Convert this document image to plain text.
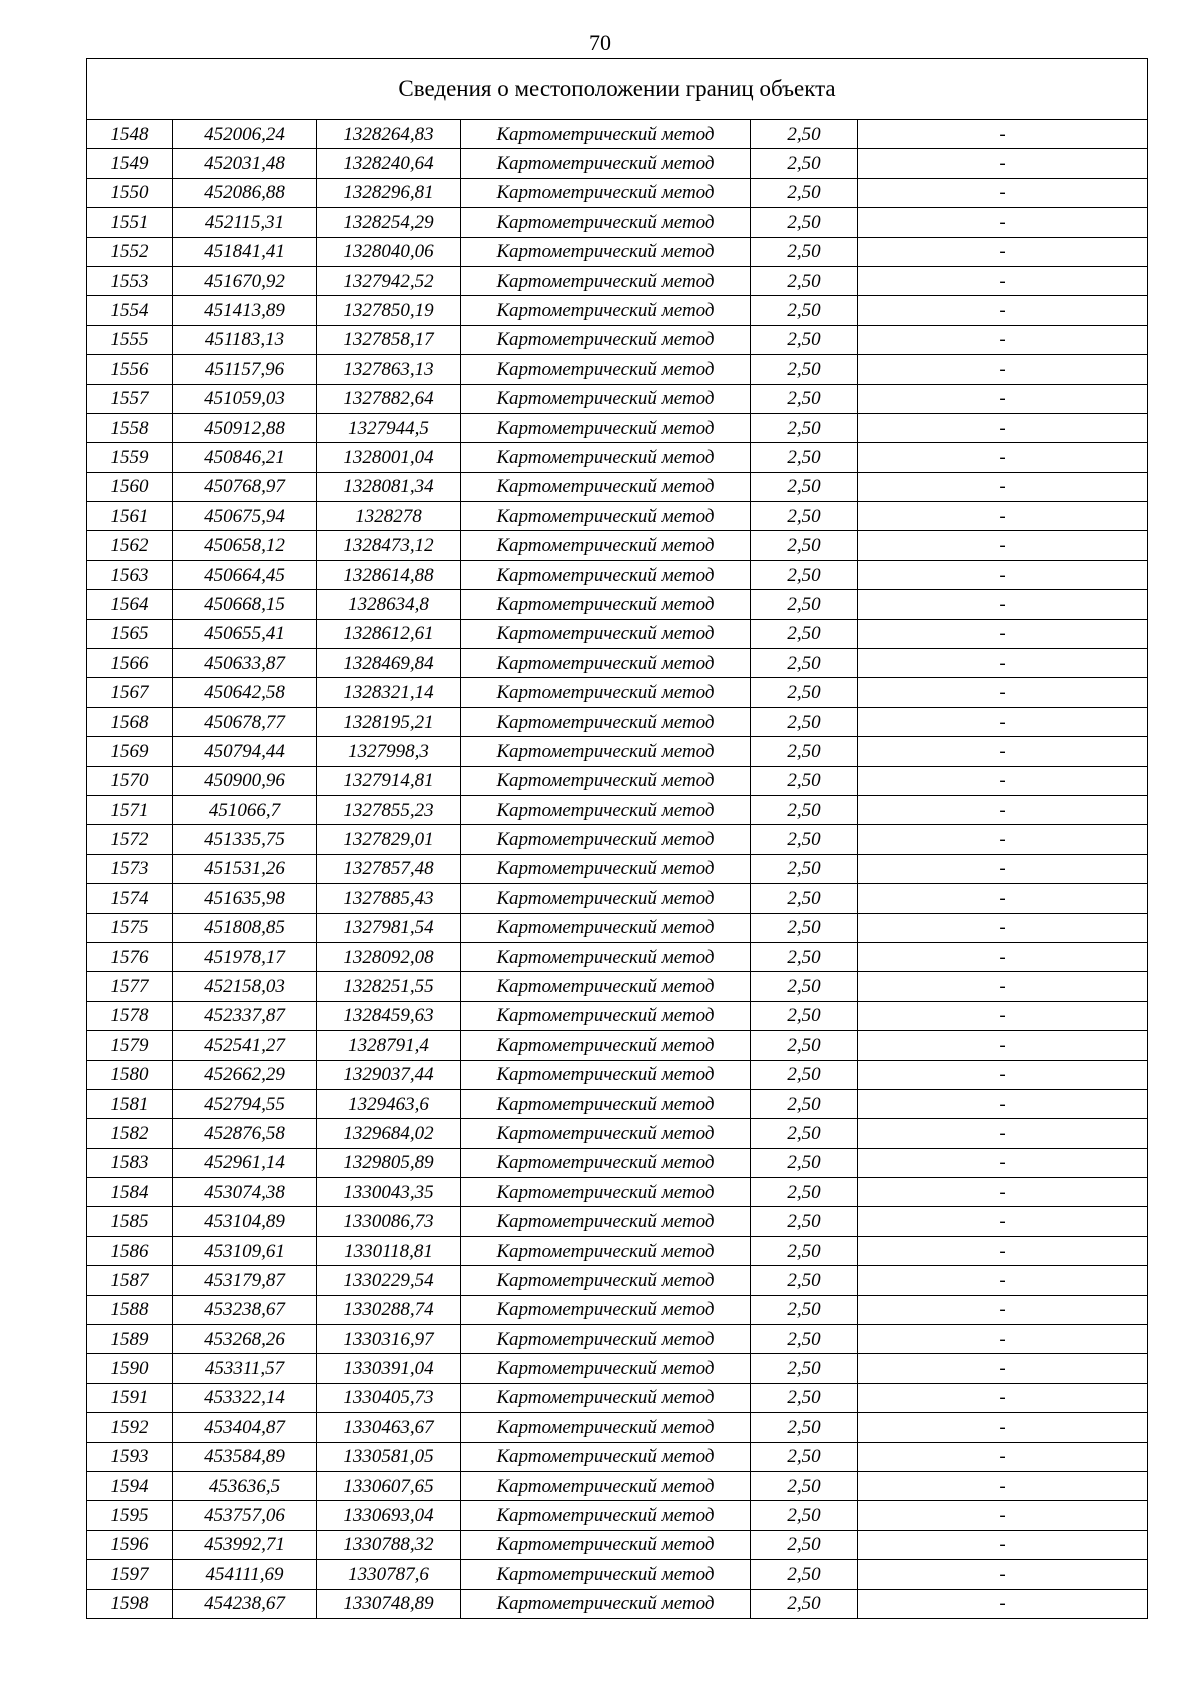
70
Сведения о местоположении границ объекта					
1548	452006,24	1328264,83	Картометрический метод	2,50	-
1549	452031,48	1328240,64	Картометрический метод	2,50	-
1550	452086,88	1328296,81	Картометрический метод	2,50	-
1551	452115,31	1328254,29	Картометрический метод	2,50	-
1552	451841,41	1328040,06	Картометрический метод	2,50	-
1553	451670,92	1327942,52	Картометрический метод	2,50	-
1554	451413,89	1327850,19	Картометрический метод	2,50	-
1555	451183,13	1327858,17	Картометрический метод	2,50	-
1556	451157,96	1327863,13	Картометрический метод	2,50	-
1557	451059,03	1327882,64	Картометрический метод	2,50	-
1558	450912,88	1327944,5	Картометрический метод	2,50	-
1559	450846,21	1328001,04	Картометрический метод	2,50	-
1560	450768,97	1328081,34	Картометрический метод	2,50	-
1561	450675,94	1328278	Картометрический метод	2,50	-
1562	450658,12	1328473,12	Картометрический метод	2,50	-
1563	450664,45	1328614,88	Картометрический метод	2,50	-
1564	450668,15	1328634,8	Картометрический метод	2,50	-
1565	450655,41	1328612,61	Картометрический метод	2,50	-
1566	450633,87	1328469,84	Картометрический метод	2,50	-
1567	450642,58	1328321,14	Картометрический метод	2,50	-
1568	450678,77	1328195,21	Картометрический метод	2,50	-
1569	450794,44	1327998,3	Картометрический метод	2,50	-
1570	450900,96	1327914,81	Картометрический метод	2,50	-
1571	451066,7	1327855,23	Картометрический метод	2,50	-
1572	451335,75	1327829,01	Картометрический метод	2,50	-
1573	451531,26	1327857,48	Картометрический метод	2,50	-
1574	451635,98	1327885,43	Картометрический метод	2,50	-
1575	451808,85	1327981,54	Картометрический метод	2,50	-
1576	451978,17	1328092,08	Картометрический метод	2,50	-
1577	452158,03	1328251,55	Картометрический метод	2,50	-
1578	452337,87	1328459,63	Картометрический метод	2,50	-
1579	452541,27	1328791,4	Картометрический метод	2,50	-
1580	452662,29	1329037,44	Картометрический метод	2,50	-
1581	452794,55	1329463,6	Картометрический метод	2,50	-
1582	452876,58	1329684,02	Картометрический метод	2,50	-
1583	452961,14	1329805,89	Картометрический метод	2,50	-
1584	453074,38	1330043,35	Картометрический метод	2,50	-
1585	453104,89	1330086,73	Картометрический метод	2,50	-
1586	453109,61	1330118,81	Картометрический метод	2,50	-
1587	453179,87	1330229,54	Картометрический метод	2,50	-
1588	453238,67	1330288,74	Картометрический метод	2,50	-
1589	453268,26	1330316,97	Картометрический метод	2,50	-
1590	453311,57	1330391,04	Картометрический метод	2,50	-
1591	453322,14	1330405,73	Картометрический метод	2,50	-
1592	453404,87	1330463,67	Картометрический метод	2,50	-
1593	453584,89	1330581,05	Картометрический метод	2,50	-
1594	453636,5	1330607,65	Картометрический метод	2,50	-
1595	453757,06	1330693,04	Картометрический метод	2,50	-
1596	453992,71	1330788,32	Картометрический метод	2,50	-
1597	454111,69	1330787,6	Картометрический метод	2,50	-
1598	454238,67	1330748,89	Картометрический метод	2,50	-
